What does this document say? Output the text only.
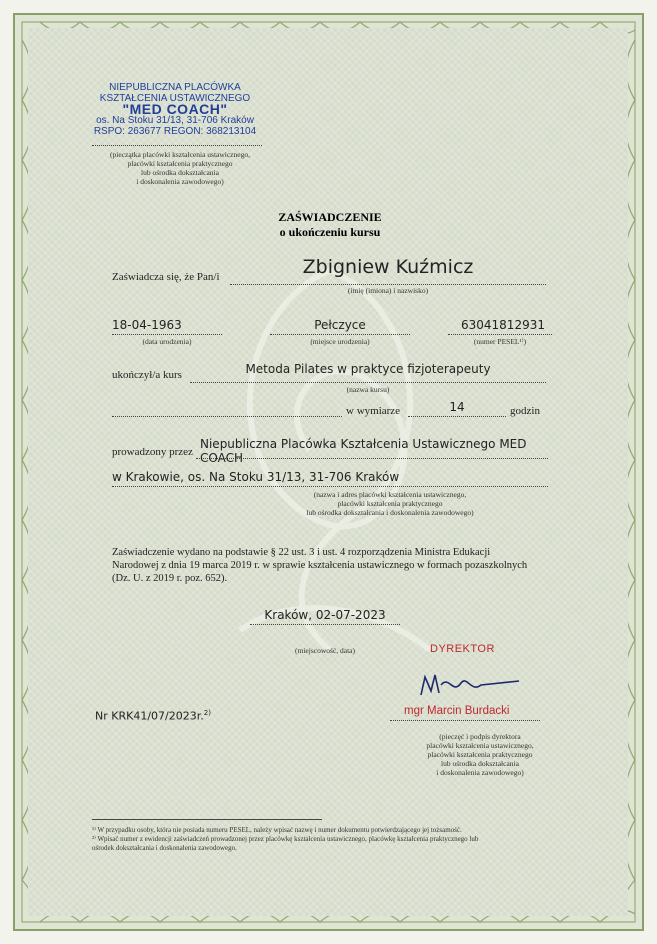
NIEPUBLICZNA PLACÓWKA
KSZTAŁCENIA USTAWICZNEGO
"MED COACH"
os. Na Stoku 31/13, 31-706 Kraków
RSPO: 263677 REGON: 368213104
(pieczątka placówki kształcenia ustawicznego,
placówki kształcenia praktycznego
lub ośrodka dokształcania
i doskonalenia zawodowego)
ZAŚWIADCZENIE
o ukończeniu kursu
Zaświadcza się, że Pan/i	Zbigniew Kuźmicz
(imię (imiona) i nazwisko)
18-04-1963
(data urodzenia)
Pełczyce
(miejsce urodzenia)
63041812931
(numer PESEL¹⁾)
ukończył/a kurs	Metoda Pilates w praktyce fizjoterapeuty
(nazwa kursu)
w wymiarze	14	godzin
prowadzony przez
Niepubliczna Placówka Kształcenia Ustawicznego MED COACH
w Krakowie, os. Na Stoku 31/13, 31-706 Kraków
(nazwa i adres placówki kształcenia ustawicznego,
placówki kształcenia praktycznego
lub ośrodka dokształcania i doskonalenia zawodowego)
Zaświadczenie wydano na podstawie § 22 ust. 3 i ust. 4 rozporządzenia Ministra Edukacji
Narodowej z dnia 19 marca 2019 r. w sprawie kształcenia ustawicznego w formach pozaszkolnych
(Dz. U. z 2019 r. poz. 652).
Kraków, 02-07-2023
(miejscowość, data)	DYREKTOR
mgr Marcin Burdacki
(pieczęć i podpis dyrektora
placówki kształcenia ustawicznego,
placówki kształcenia praktycznego
lub ośrodka dokształcania
i doskonalenia zawodowego)
Nr KRK41/07/2023r.$^{2)}$
¹⁾ W przypadku osoby, która nie posiada numeru PESEL, należy wpisać nazwę i numer dokumentu potwierdzającego jej tożsamość.
²⁾ Wpisać numer z ewidencji zaświadczeń prowadzonej przez placówkę kształcenia ustawicznego, placówkę kształcenia praktycznego lub
ośrodek dokształcania i doskonalenia zawodowego.
